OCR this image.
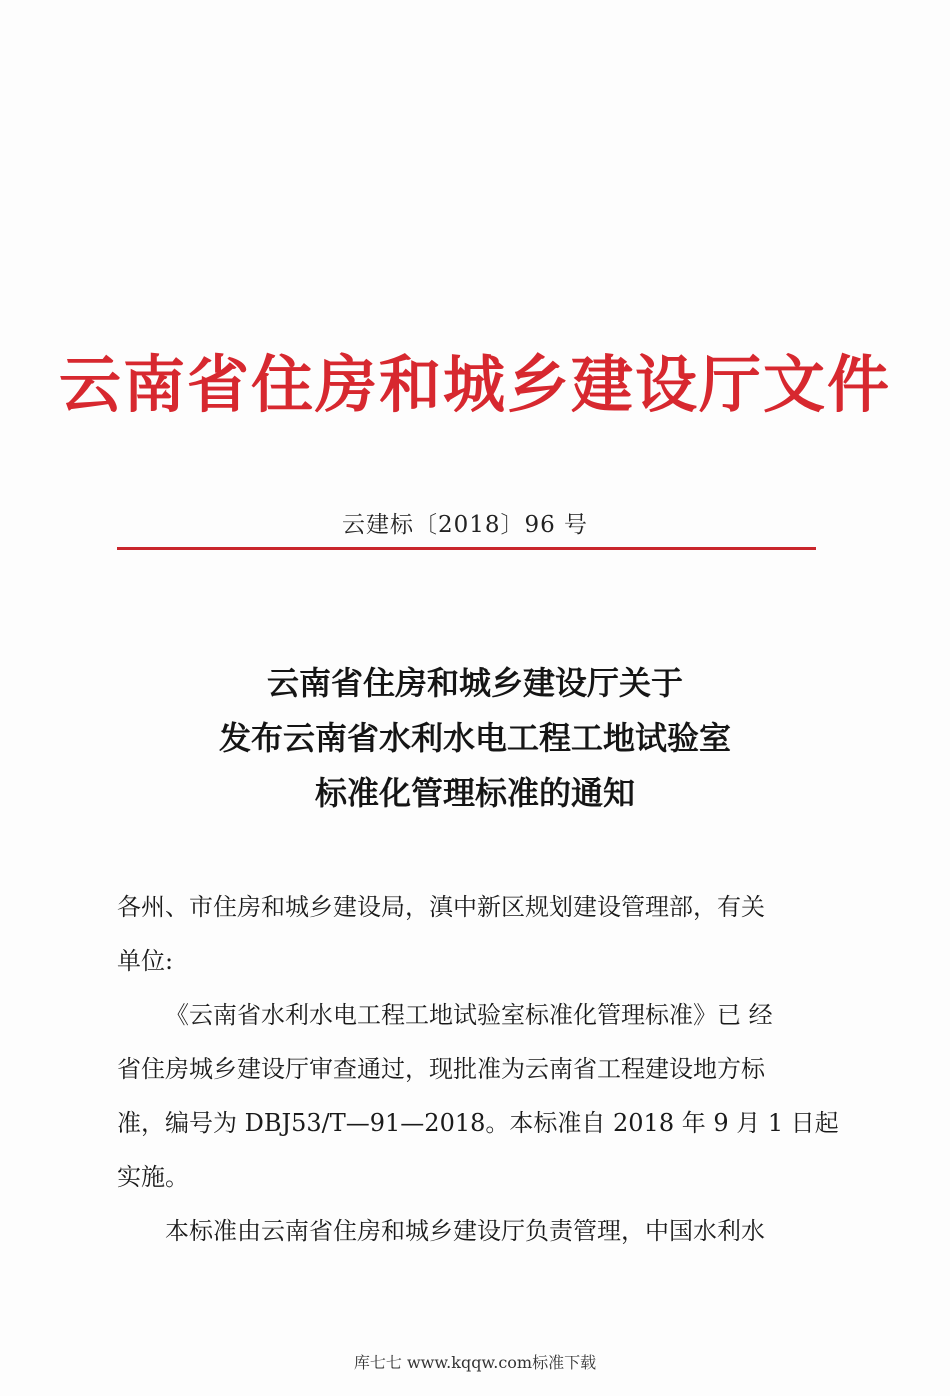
云南省住房和城乡建设厅文件
云建标〔2018〕96 号
云南省住房和城乡建设厅关于
发布云南省水利水电工程工地试验室
标准化管理标准的通知
各州、市住房和城乡建设局，滇中新区规划建设管理部，有关
单位:
《云南省水利水电工程工地试验室标准化管理标准》已 经
省住房城乡建设厅审查通过，现批准为云南省工程建设地方标
准，编号为 DBJ53/T—91—2018。本标准自 2018 年 9 月 1 日起
实施。
本标准由云南省住房和城乡建设厅负责管理，中国水利水
库七七 www.kqqw.com标准下载
